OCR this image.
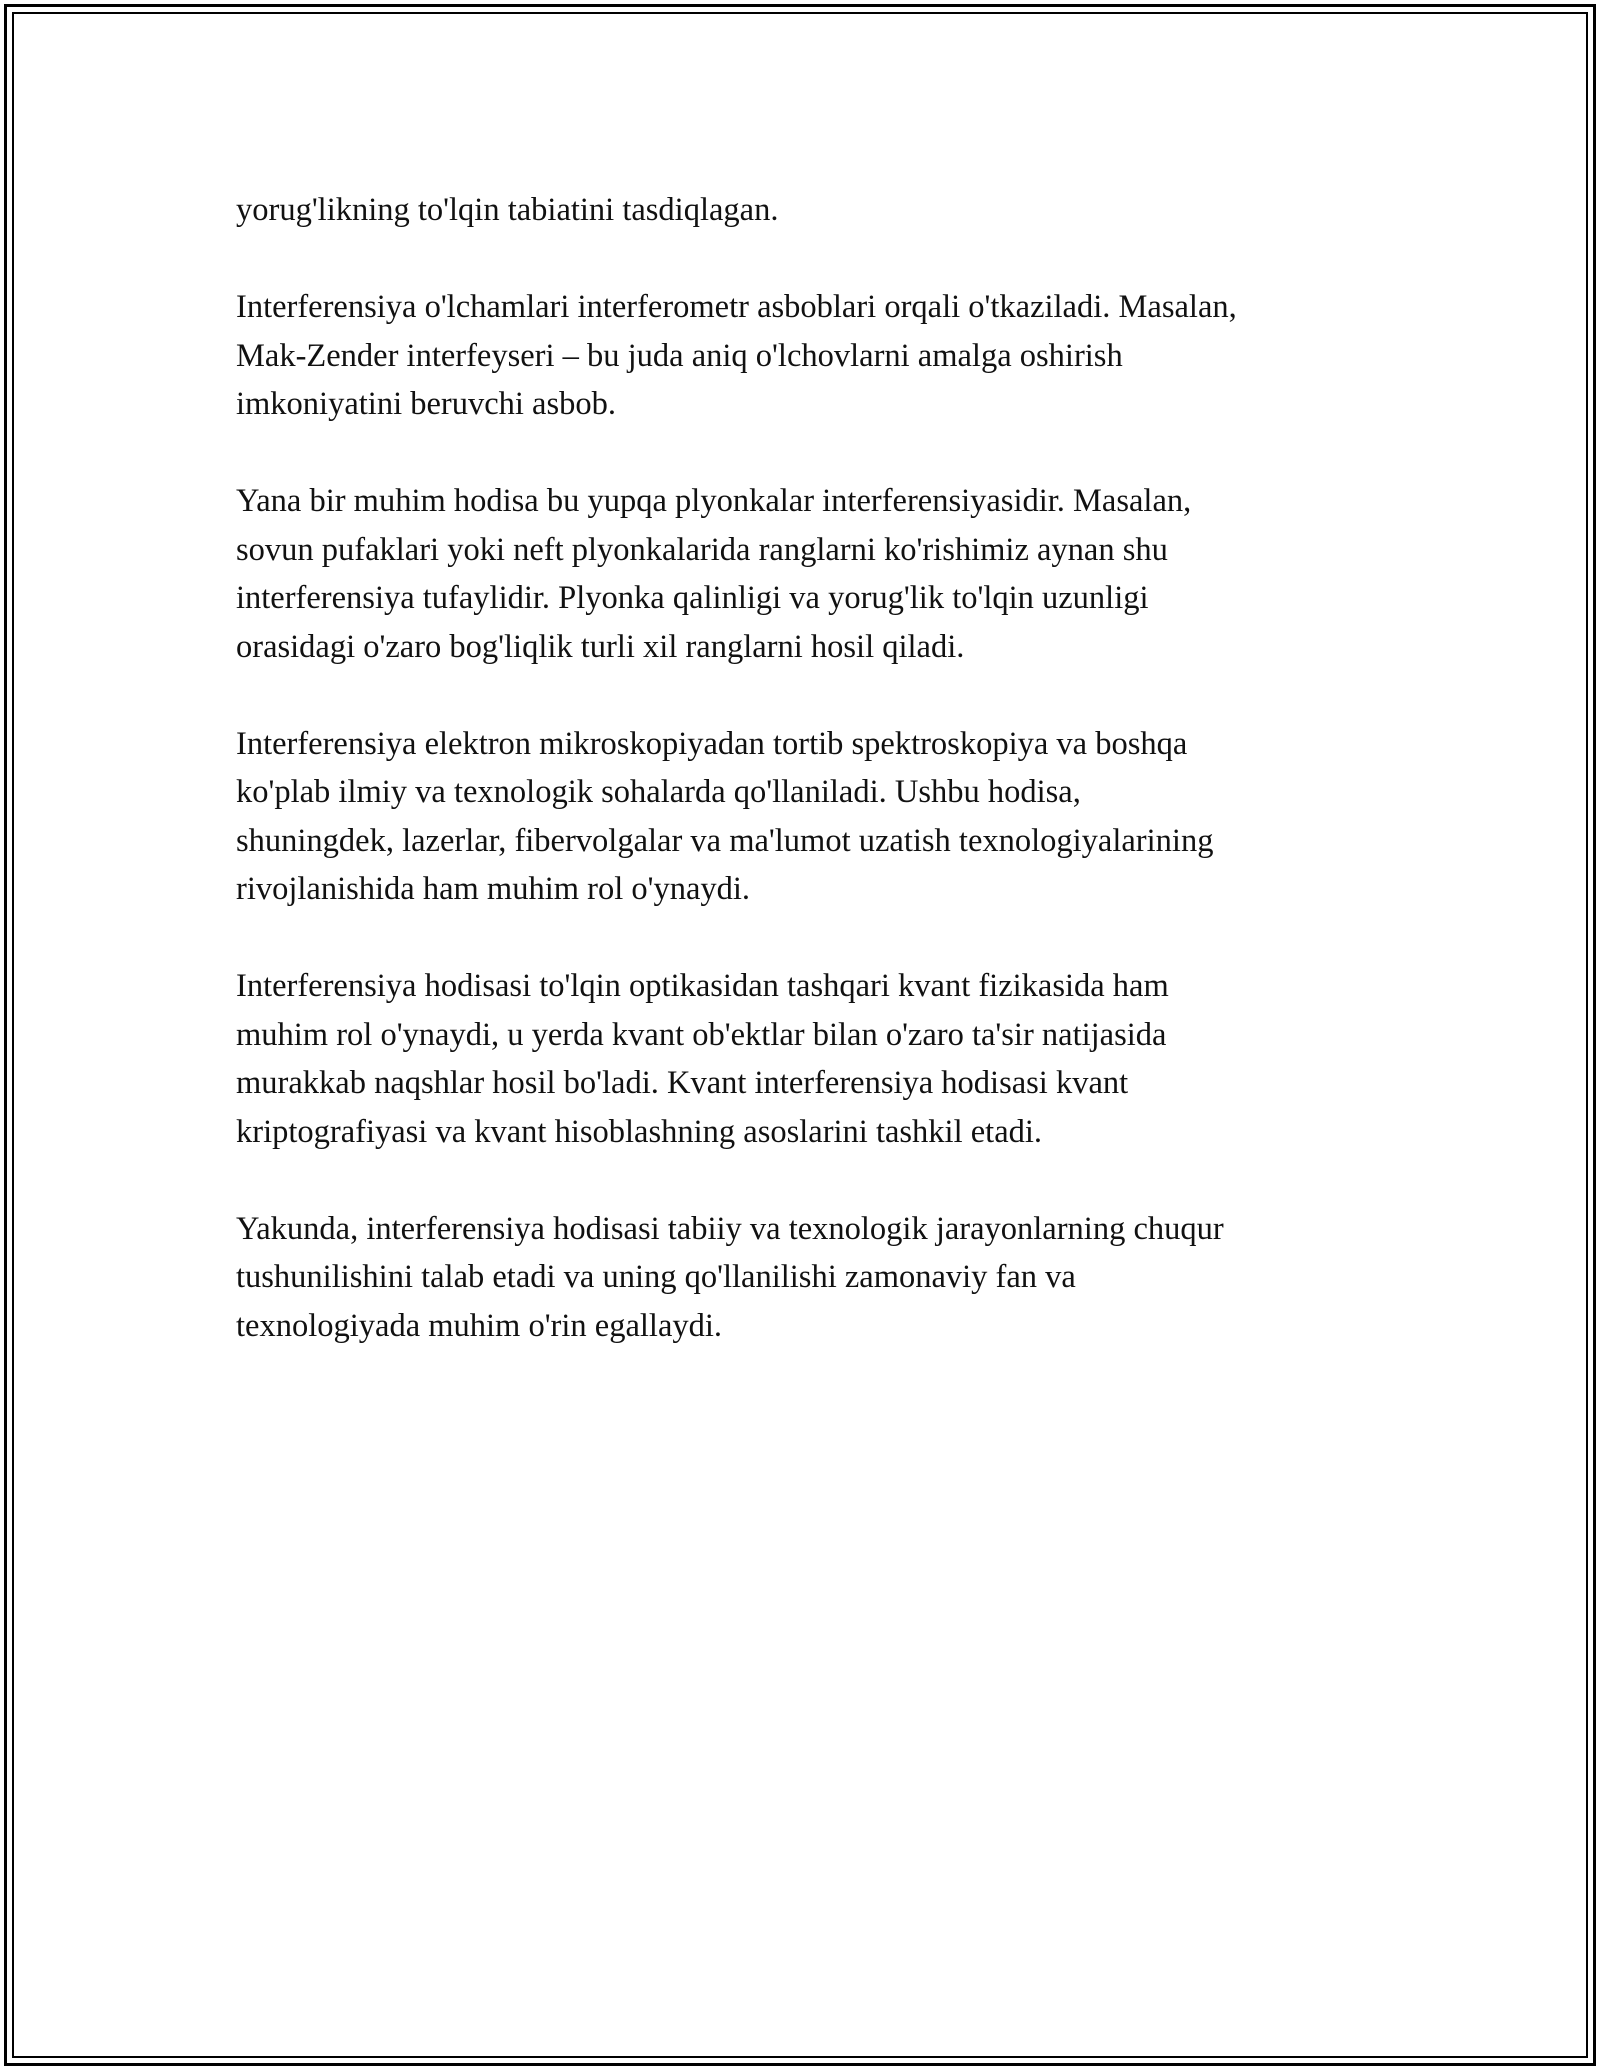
yorug'likning to'lqin tabiatini tasdiqlagan.

Interferensiya o'lchamlari interferometr asboblari orqali o'tkaziladi. Masalan,
Mak-Zender interfeyseri – bu juda aniq o'lchovlarni amalga oshirish
imkoniyatini beruvchi asbob.

Yana bir muhim hodisa bu yupqa plyonkalar interferensiyasidir. Masalan,
sovun pufaklari yoki neft plyonkalarida ranglarni ko'rishimiz aynan shu
interferensiya tufaylidir. Plyonka qalinligi va yorug'lik to'lqin uzunligi
orasidagi o'zaro bog'liqlik turli xil ranglarni hosil qiladi.

Interferensiya elektron mikroskopiyadan tortib spektroskopiya va boshqa
ko'plab ilmiy va texnologik sohalarda qo'llaniladi. Ushbu hodisa,
shuningdek, lazerlar, fibervolgalar va ma'lumot uzatish texnologiyalarining
rivojlanishida ham muhim rol o'ynaydi.

Interferensiya hodisasi to'lqin optikasidan tashqari kvant fizikasida ham
muhim rol o'ynaydi, u yerda kvant ob'ektlar bilan o'zaro ta'sir natijasida
murakkab naqshlar hosil bo'ladi. Kvant interferensiya hodisasi kvant
kriptografiyasi va kvant hisoblashning asoslarini tashkil etadi.

Yakunda, interferensiya hodisasi tabiiy va texnologik jarayonlarning chuqur
tushunilishini talab etadi va uning qo'llanilishi zamonaviy fan va
texnologiyada muhim o'rin egallaydi.
